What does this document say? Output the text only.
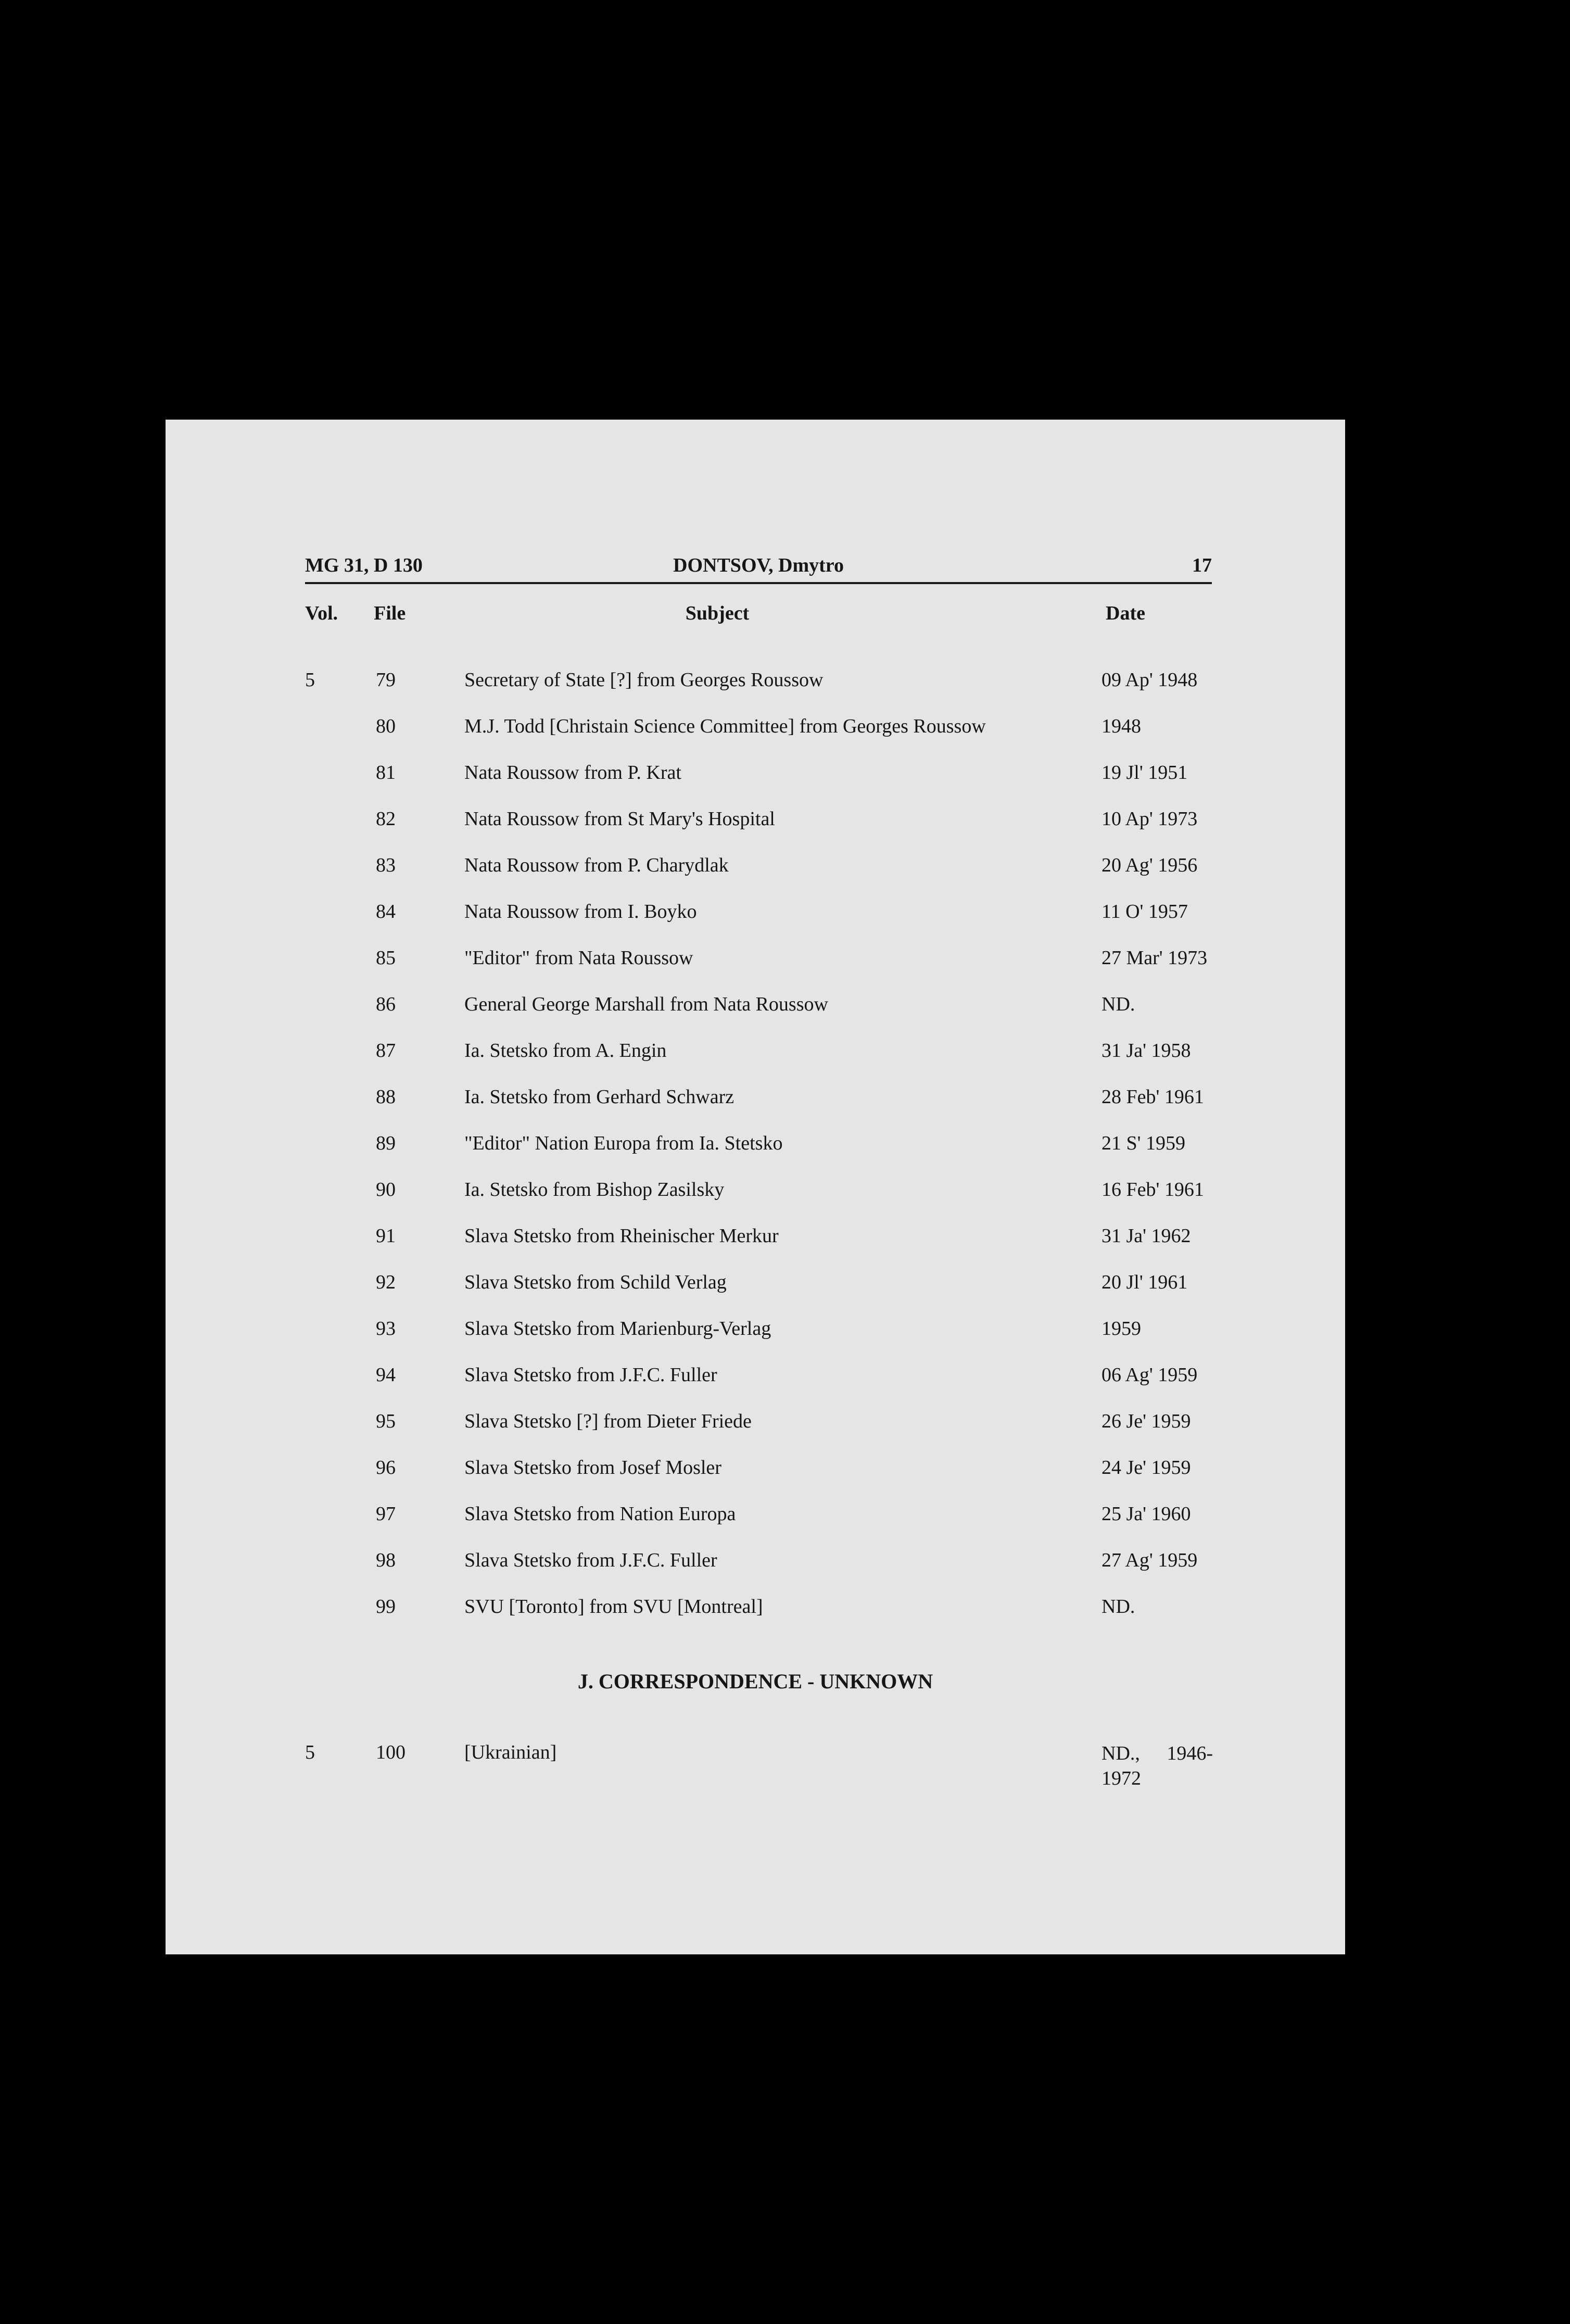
MG 31, D 130	DONTSOV, Dmytro	17
Vol. File	Subject	Date
5	79	Secretary of State [?] from Georges Roussow	09 Ap' 1948
80	M.J. Todd [Christain Science Committee] from Georges Roussow	1948
81	Nata Roussow from P. Krat	19 Jl' 1951
82	Nata Roussow from St Mary's Hospital	10 Ap' 1973
83	Nata Roussow from P. Charydlak	20 Ag' 1956
84	Nata Roussow from I. Boyko	11 O' 1957
85	"Editor" from Nata Roussow	27 Mar' 1973
86	General George Marshall from Nata Roussow	ND.
87	Ia. Stetsko from A. Engin	31 Ja' 1958
88	Ia. Stetsko from Gerhard Schwarz	28 Feb' 1961
89	"Editor" Nation Europa from Ia. Stetsko	21 S' 1959
90	Ia. Stetsko from Bishop Zasilsky	16 Feb' 1961
91	Slava Stetsko from Rheinischer Merkur	31 Ja' 1962
92	Slava Stetsko from Schild Verlag	20 Jl' 1961
93	Slava Stetsko from Marienburg-Verlag	1959
94	Slava Stetsko from J.F.C. Fuller	06 Ag' 1959
95	Slava Stetsko [?] from Dieter Friede	26 Je' 1959
96	Slava Stetsko from Josef Mosler	24 Je' 1959
97	Slava Stetsko from Nation Europa	25 Ja' 1960
98	Slava Stetsko from J.F.C. Fuller	27 Ag' 1959
99	SVU [Toronto] from SVU [Montreal]	ND.
J. CORRESPONDENCE - UNKNOWN
5	100	[Ukrainian]	ND., 1946-1972
